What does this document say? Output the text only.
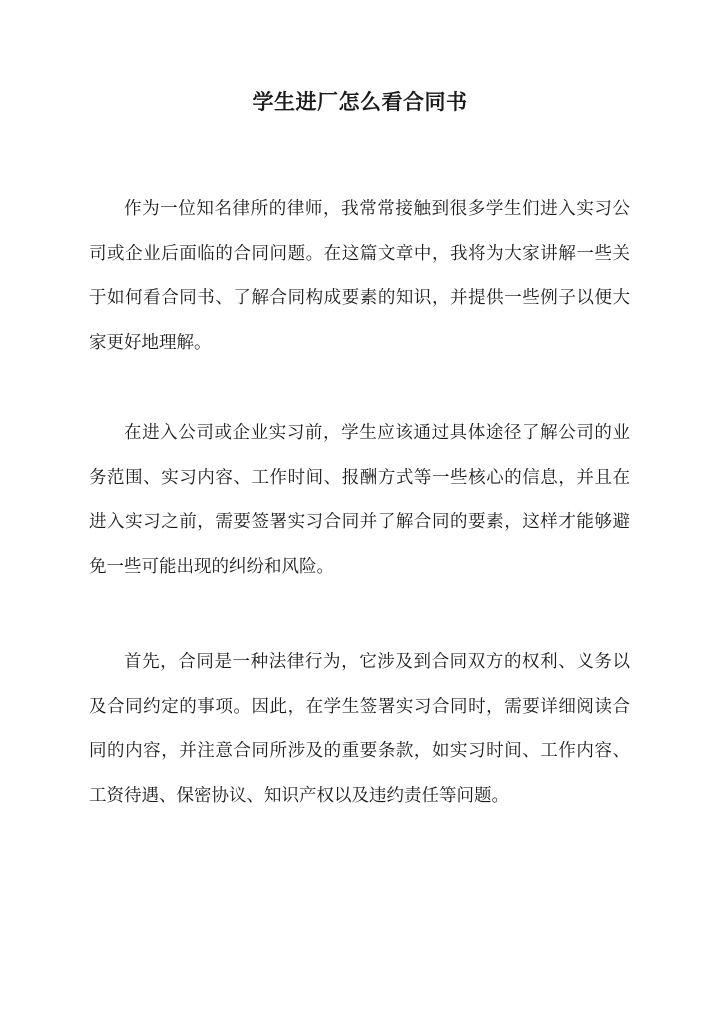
学生进厂怎么看合同书

作为一位知名律所的律师，我常常接触到很多学生们进入实习公司或企业后面临的合同问题。在这篇文章中，我将为大家讲解一些关于如何看合同书、了解合同构成要素的知识，并提供一些例子以便大家更好地理解。

在进入公司或企业实习前，学生应该通过具体途径了解公司的业务范围、实习内容、工作时间、报酬方式等一些核心的信息，并且在进入实习之前，需要签署实习合同并了解合同的要素，这样才能够避免一些可能出现的纠纷和风险。

首先，合同是一种法律行为，它涉及到合同双方的权利、义务以及合同约定的事项。因此，在学生签署实习合同时，需要详细阅读合同的内容，并注意合同所涉及的重要条款，如实习时间、工作内容、工资待遇、保密协议、知识产权以及违约责任等问题。
